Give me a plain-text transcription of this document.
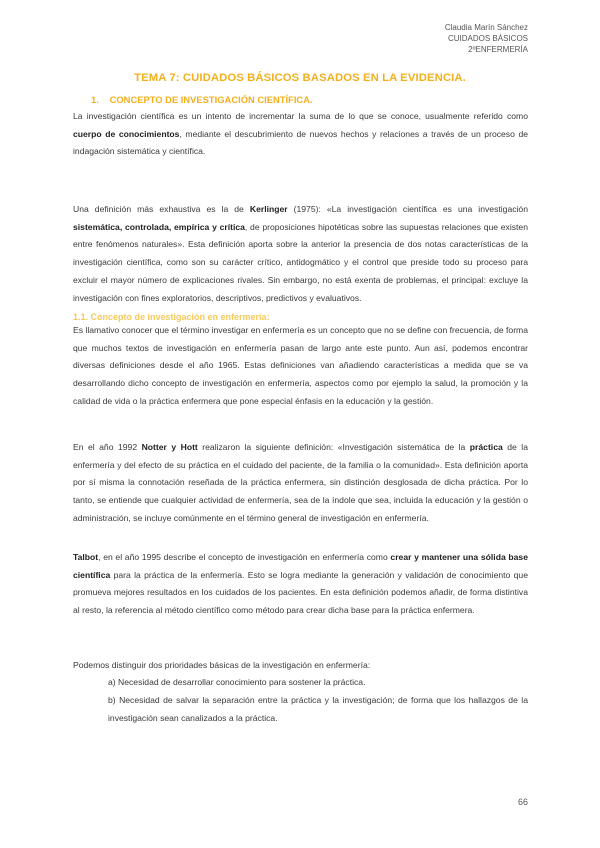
Claudia Marín Sánchez
CUIDADOS BÁSICOS
2ºENFERMERÍA
TEMA 7: CUIDADOS BÁSICOS BASADOS EN LA EVIDENCIA.
1. CONCEPTO DE INVESTIGACIÓN CIENTÍFICA.

La investigación científica es un intento de incrementar la suma de lo que se conoce, usualmente referido como cuerpo de conocimientos, mediante el descubrimiento de nuevos hechos y relaciones a través de un proceso de indagación sistemática y científica.

Una definición más exhaustiva es la de Kerlinger (1975): «La investigación científica es una investigación sistemática, controlada, empírica y crítica, de proposiciones hipotéticas sobre las supuestas relaciones que existen entre fenómenos naturales». Esta definición aporta sobre la anterior la presencia de dos notas características de la investigación científica, como son su carácter crítico, antidogmático y el control que preside todo su proceso para excluir el mayor número de explicaciones rivales. Sin embargo, no está exenta de problemas, el principal: excluye la investigación con fines exploratorios, descriptivos, predictivos y evaluativos.

1.1. Concepto de investigación en enfermería:

Es llamativo conocer que el término investigar en enfermería es un concepto que no se define con frecuencia, de forma que muchos textos de investigación en enfermería pasan de largo ante este punto. Aun así, podemos encontrar diversas definiciones desde el año 1965. Estas definiciones van añadiendo características a medida que se va desarrollando dicho concepto de investigación en enfermería, aspectos como por ejemplo la salud, la promoción y la calidad de vida o la práctica enfermera que pone especial énfasis en la educación y la gestión.

En el año 1992 Notter y Hott realizaron la siguiente definición: «Investigación sistemática de la práctica de la enfermería y del efecto de su práctica en el cuidado del paciente, de la familia o la comunidad». Esta definición aporta por sí misma la connotación reseñada de la práctica enfermera, sin distinción desglosada de dicha práctica. Por lo tanto, se entiende que cualquier actividad de enfermería, sea de la índole que sea, incluida la educación y la gestión o administración, se incluye comúnmente en el término general de investigación en enfermería.

Talbot, en el año 1995 describe el concepto de investigación en enfermería como crear y mantener una sólida base científica para la práctica de la enfermería. Esto se logra mediante la generación y validación de conocimiento que promueva mejores resultados en los cuidados de los pacientes. En esta definición podemos añadir, de forma distintiva al resto, la referencia al método científico como método para crear dicha base para la práctica enfermera.

Podemos distinguir dos prioridades básicas de la investigación en enfermería:

a) Necesidad de desarrollar conocimiento para sostener la práctica.

b) Necesidad de salvar la separación entre la práctica y la investigación; de forma que los hallazgos de la investigación sean canalizados a la práctica.

66
